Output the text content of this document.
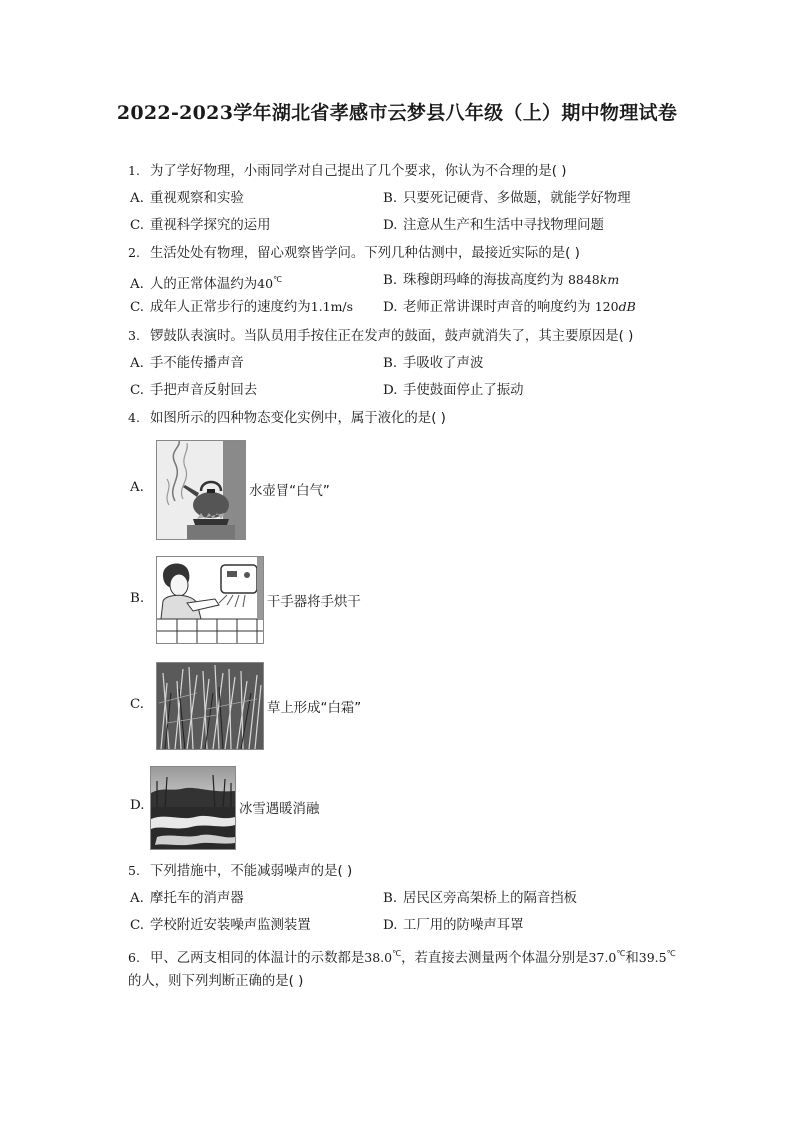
2022-2023学年湖北省孝感市云梦县八年级（上）期中物理试卷
1. 为了学好物理，小雨同学对自己提出了几个要求，你认为不合理的是( )
A. 重视观察和实验	B. 只要死记硬背、多做题，就能学好物理
C. 重视科学探究的运用	D. 注意从生产和生活中寻找物理问题
2. 生活处处有物理，留心观察皆学问。下列几种估测中，最接近实际的是( )
A. 人的正常体温约为40℃	B. 珠穆朗玛峰的海拔高度约为 8848km
C. 成年人正常步行的速度约为1.1m/s D. 老师正常讲课时声音的响度约为 120dB
3. 锣鼓队表演时。当队员用手按住正在发声的鼓面，鼓声就消失了，其主要原因是( )
A. 手不能传播声音	B. 手吸收了声波
C. 手把声音反射回去	D. 手使鼓面停止了振动
4. 如图所示的四种物态变化实例中，属于液化的是( )
A.	水壶冒“白气”
B.	干手器将手烘干
C.	草上形成“白霜”
D.	冰雪遇暖消融
5. 下列措施中，不能减弱噪声的是( )
A. 摩托车的消声器	B. 居民区旁高架桥上的隔音挡板
C. 学校附近安装噪声监测装置	D. 工厂用的防噪声耳罩
6. 甲、乙两支相同的体温计的示数都是38.0℃，若直接去测量两个体温分别是37.0℃和39.5℃
的人，则下列判断正确的是( )
